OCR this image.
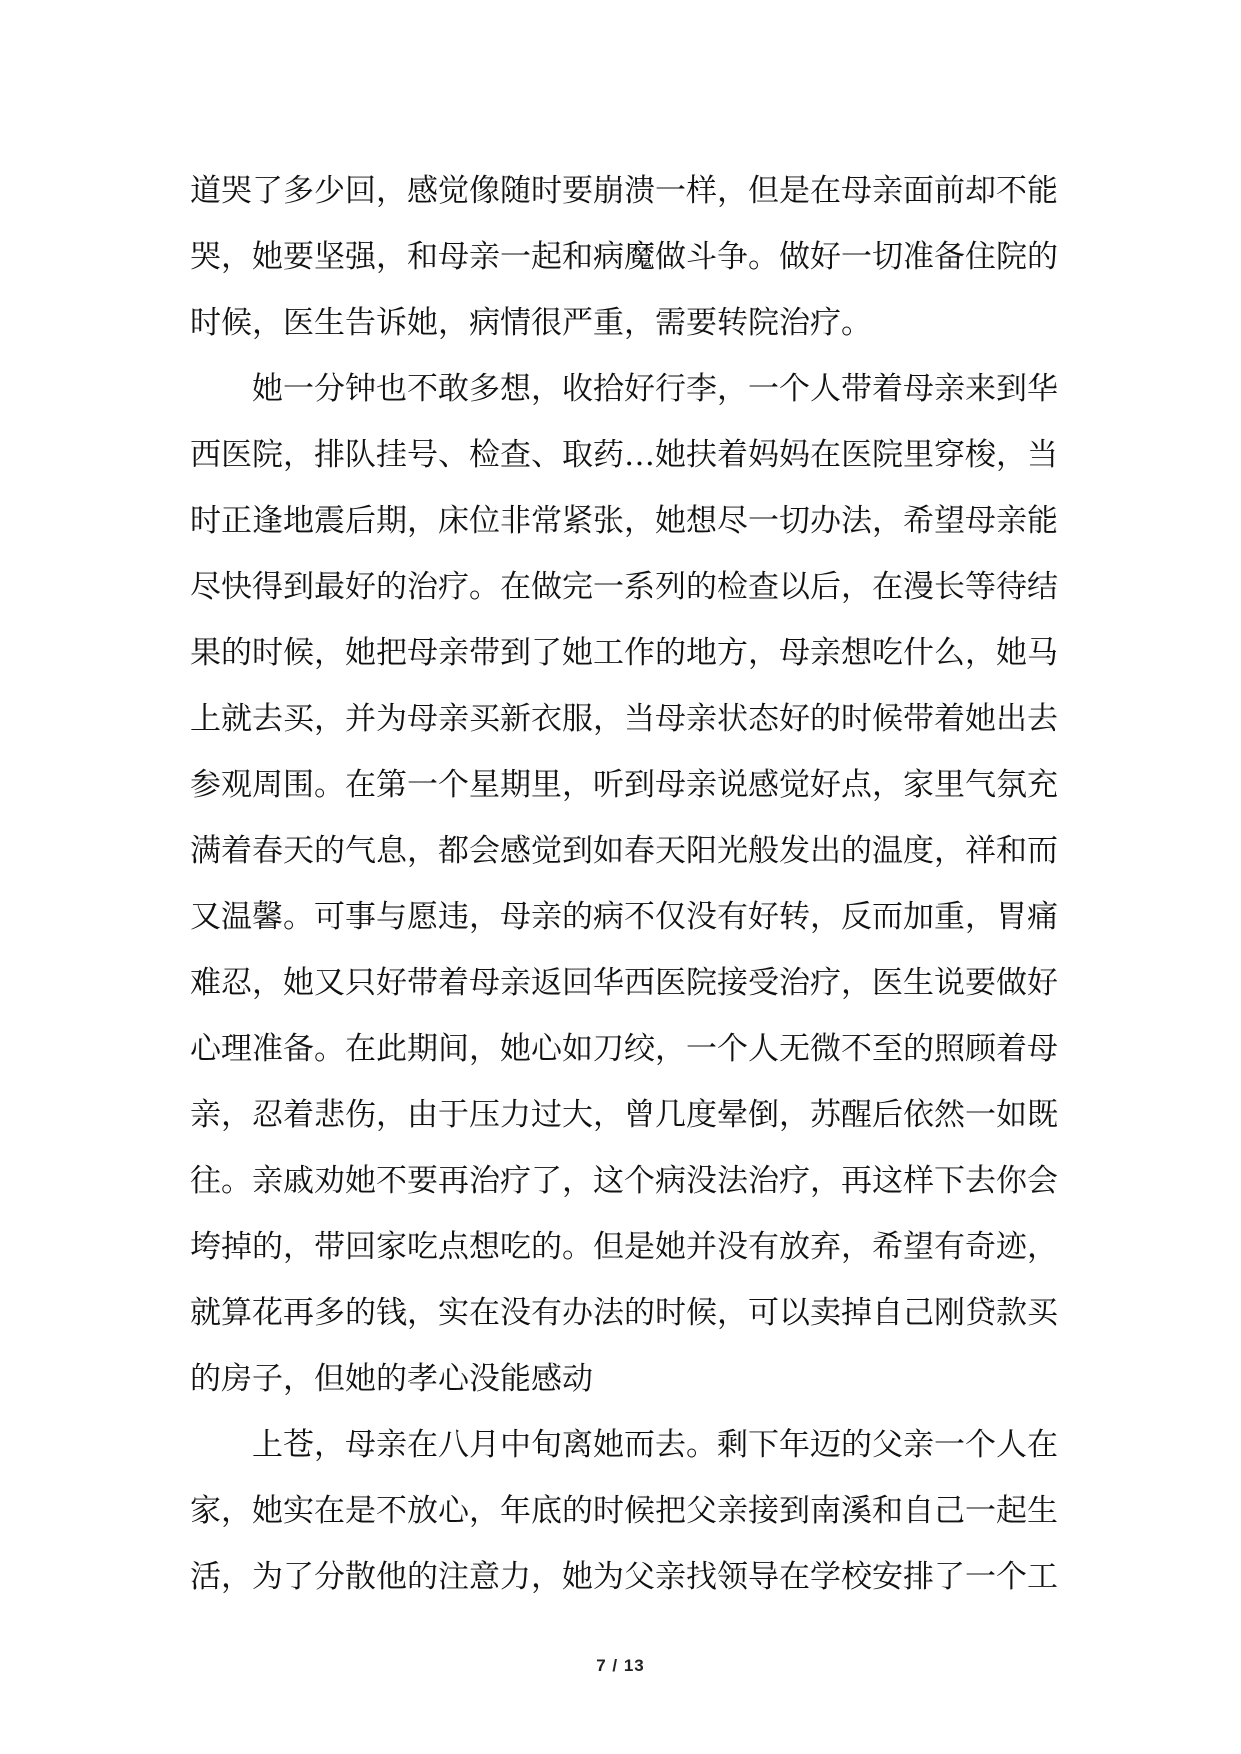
道哭了多少回，感觉像随时要崩溃一样，但是在母亲面前却不能
哭，她要坚强，和母亲一起和病魔做斗争。做好一切准备住院的
时候，医生告诉她，病情很严重，需要转院治疗。
她一分钟也不敢多想，收拾好行李，一个人带着母亲来到华
西医院，排队挂号、检查、取药…她扶着妈妈在医院里穿梭，当
时正逢地震后期，床位非常紧张，她想尽一切办法，希望母亲能
尽快得到最好的治疗。在做完一系列的检查以后，在漫长等待结
果的时候，她把母亲带到了她工作的地方，母亲想吃什么，她马
上就去买，并为母亲买新衣服，当母亲状态好的时候带着她出去
参观周围。在第一个星期里，听到母亲说感觉好点，家里气氛充
满着春天的气息，都会感觉到如春天阳光般发出的温度，祥和而
又温馨。可事与愿违，母亲的病不仅没有好转，反而加重，胃痛
难忍，她又只好带着母亲返回华西医院接受治疗，医生说要做好
心理准备。在此期间，她心如刀绞，一个人无微不至的照顾着母
亲，忍着悲伤，由于压力过大，曾几度晕倒，苏醒后依然一如既
往。亲戚劝她不要再治疗了，这个病没法治疗，再这样下去你会
垮掉的，带回家吃点想吃的。但是她并没有放弃，希望有奇迹，
就算花再多的钱，实在没有办法的时候，可以卖掉自己刚贷款买
的房子，但她的孝心没能感动
上苍，母亲在八月中旬离她而去。剩下年迈的父亲一个人在
家，她实在是不放心，年底的时候把父亲接到南溪和自己一起生
活，为了分散他的注意力，她为父亲找领导在学校安排了一个工
7 / 13
